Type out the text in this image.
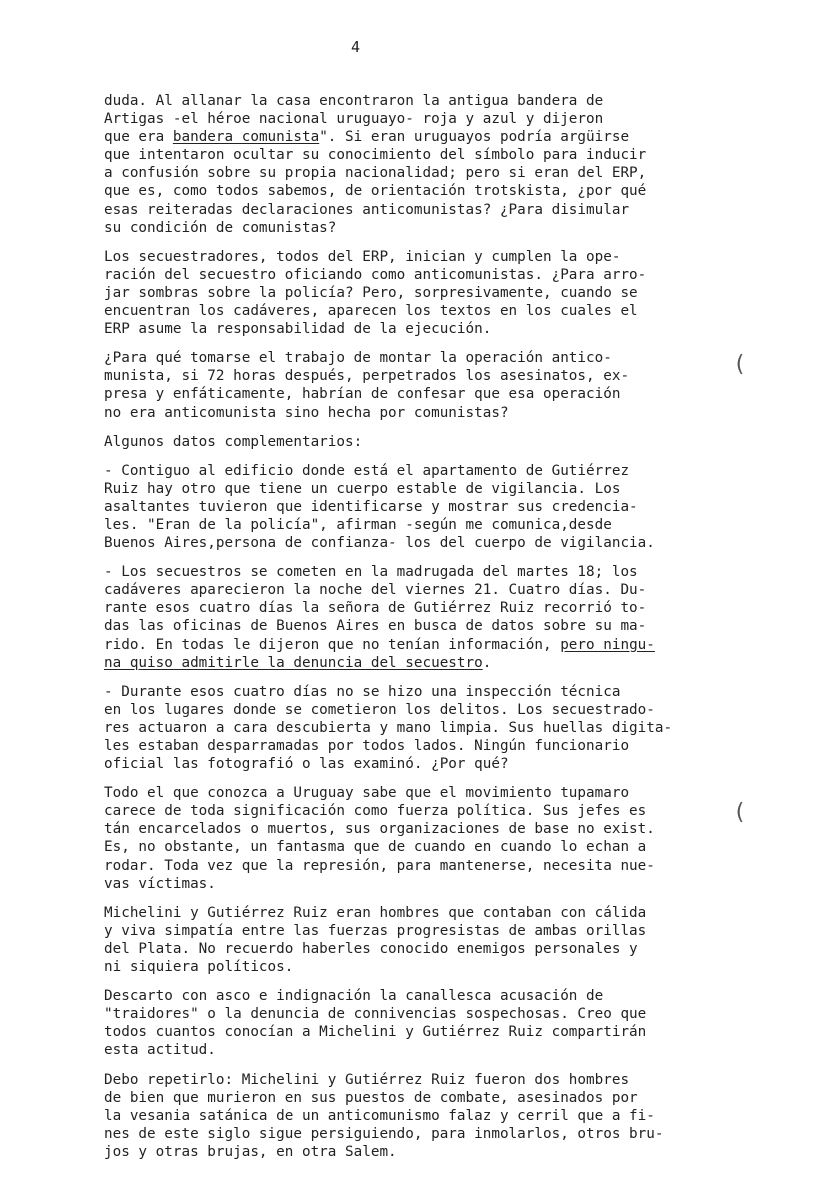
4
duda. Al allanar la casa encontraron la antigua bandera de
Artigas -el héroe nacional uruguayo- roja y azul y dijeron
que era bandera comunista". Si eran uruguayos podría argüirse
que intentaron ocultar su conocimiento del símbolo para inducir
a confusión sobre su propia nacionalidad; pero si eran del ERP,
que es, como todos sabemos, de orientación trotskista, ¿por qué
esas reiteradas declaraciones anticomunistas? ¿Para disimular
su condición de comunistas?
Los secuestradores, todos del ERP, inician y cumplen la ope-
ración del secuestro oficiando como anticomunistas. ¿Para arro-
jar sombras sobre la policía? Pero, sorpresivamente, cuando se
encuentran los cadáveres, aparecen los textos en los cuales el
ERP asume la responsabilidad de la ejecución.
¿Para qué tomarse el trabajo de montar la operación antico-
munista, si 72 horas después, perpetrados los asesinatos, ex-
presa y enfáticamente, habrían de confesar que esa operación
no era anticomunista sino hecha por comunistas?
Algunos datos complementarios:
- Contiguo al edificio donde está el apartamento de Gutiérrez
Ruiz hay otro que tiene un cuerpo estable de vigilancia. Los
asaltantes tuvieron que identificarse y mostrar sus credencia-
les. "Eran de la policía", afirman -según me comunica,desde
Buenos Aires,persona de confianza- los del cuerpo de vigilancia.
- Los secuestros se cometen en la madrugada del martes 18; los
cadáveres aparecieron la noche del viernes 21. Cuatro días. Du-
rante esos cuatro días la señora de Gutiérrez Ruiz recorrió to-
das las oficinas de Buenos Aires en busca de datos sobre su ma-
rido. En todas le dijeron que no tenían información, pero ningu-
na quiso admitirle la denuncia del secuestro.
- Durante esos cuatro días no se hizo una inspección técnica
en los lugares donde se cometieron los delitos. Los secuestrado-
res actuaron a cara descubierta y mano limpia. Sus huellas digita-
les estaban desparramadas por todos lados. Ningún funcionario
oficial las fotografió o las examinó. ¿Por qué?
Todo el que conozca a Uruguay sabe que el movimiento tupamaro
carece de toda significación como fuerza política. Sus jefes es
tán encarcelados o muertos, sus organizaciones de base no exist.
Es, no obstante, un fantasma que de cuando en cuando lo echan a
rodar. Toda vez que la represión, para mantenerse, necesita nue-
vas víctimas.
Michelini y Gutiérrez Ruiz eran hombres que contaban con cálida
y viva simpatía entre las fuerzas progresistas de ambas orillas
del Plata. No recuerdo haberles conocido enemigos personales y
ni siquiera políticos.
Descarto con asco e indignación la canallesca acusación de
"traidores" o la denuncia de connivencias sospechosas. Creo que
todos cuantos conocían a Michelini y Gutiérrez Ruiz compartirán
esta actitud.
Debo repetirlo: Michelini y Gutiérrez Ruiz fueron dos hombres
de bien que murieron en sus puestos de combate, asesinados por
la vesania satánica de un anticomunismo falaz y cerril que a fi-
nes de este siglo sigue persiguiendo, para inmolarlos, otros bru-
jos y otras brujas, en otra Salem.
(
(
